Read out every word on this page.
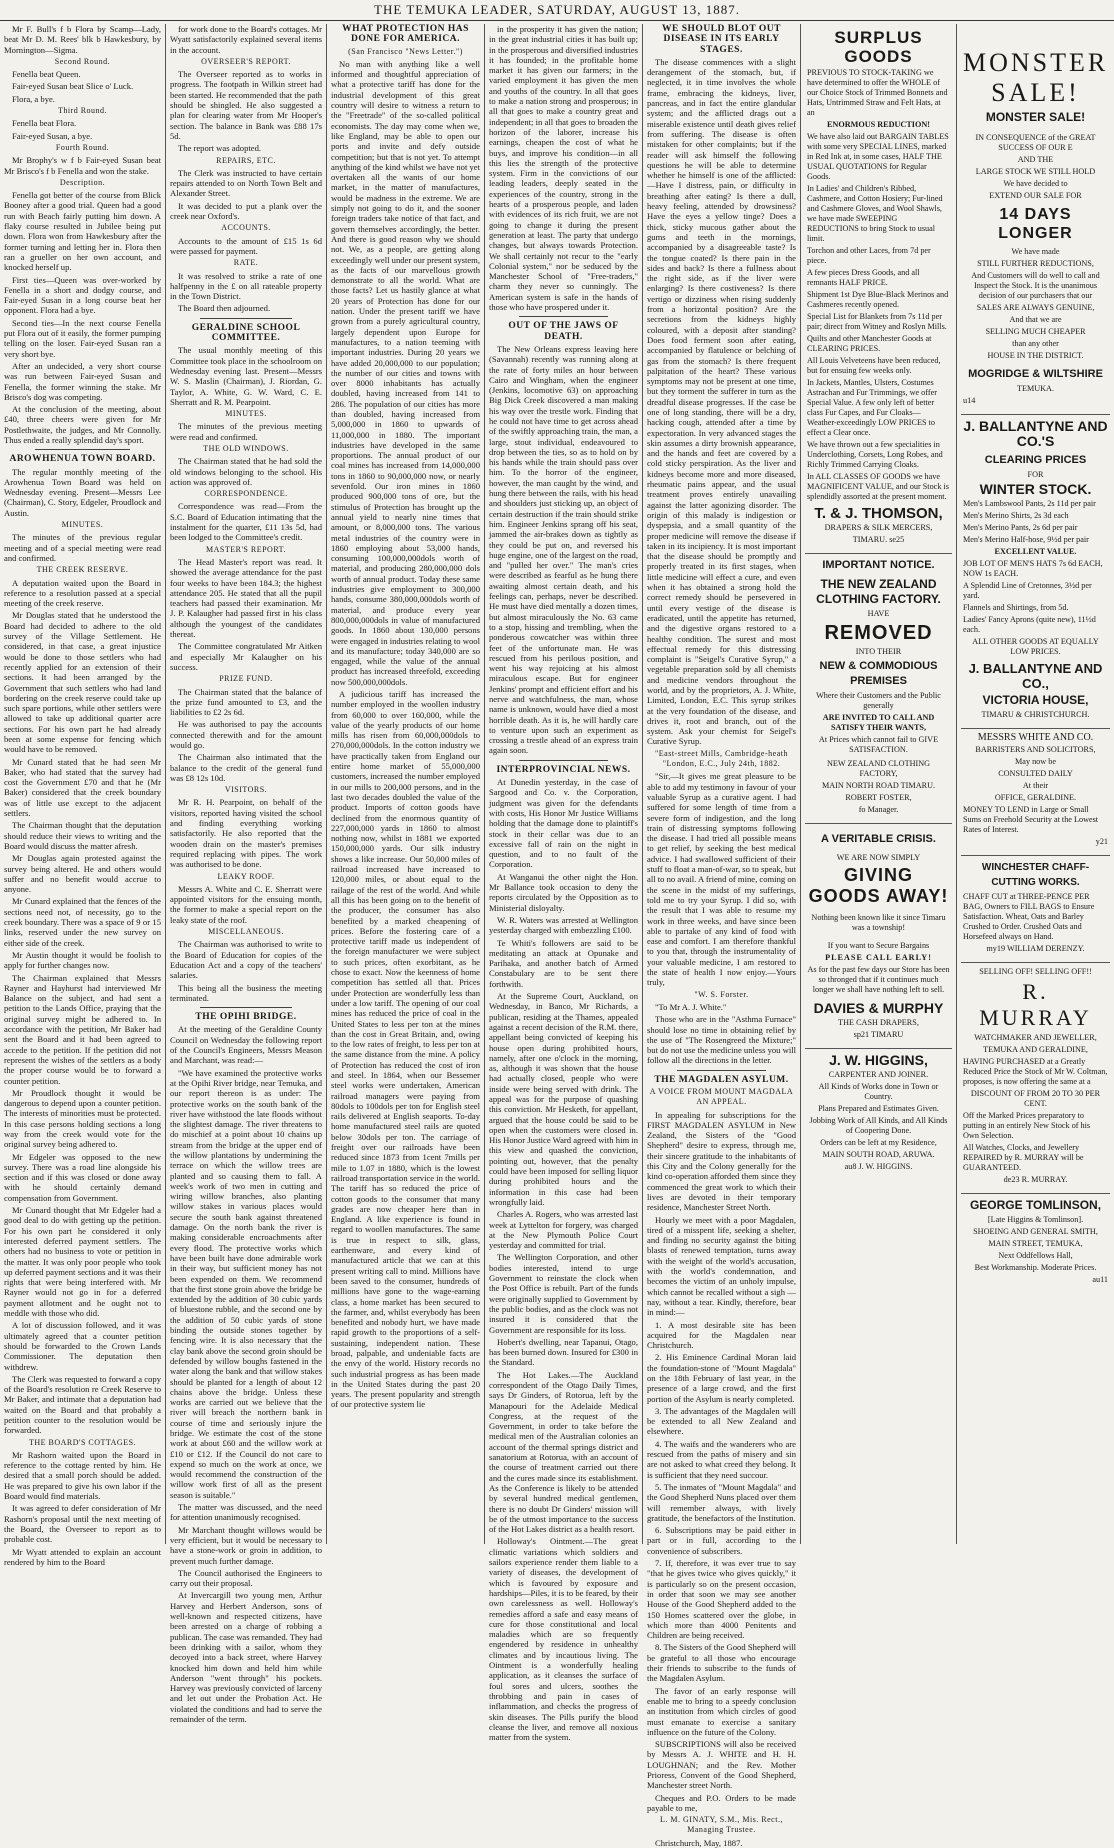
THE TEMUKA LEADER, SATURDAY, AUGUST 13, 1887.

Mr F. Bull's f b Flora by Scamp—Lady, beat Mr D. M. Rees' blk b Hawkesbury, by Mornington—Sigma.

Second Round.

Fenella beat Queen.

Fair-eyed Susan beat Slice o' Luck.

Flora, a bye.

Third Round.

Fenella beat Flora.

Fair-eyed Susan, a bye.

Fourth Round.

Mr Brophy's w f b Fair-eyed Susan beat Mr Brisco's f b Fenella and won the stake.

Description.

Fenella got better of the course from Blick Booney after a good trial. Queen had a good run with Beach fairly putting him down. A flaky course resulted in Jubilee being put down. Flora won from Hawkesbury after the former turning and letting her in. Flora then ran a grueller on her own account, and knocked herself up.

First ties—Queen was over-worked by Fenella in a short and dodgy course, and Fair-eyed Susan in a long course beat her opponent. Flora had a bye.

Second ties—In the next course Fenella put Flora out of it easily, the former pumping telling on the loser. Fair-eyed Susan ran a very short bye.

After an undecided, a very short course was run between Fair-eyed Susan and Fenella, the former winning the stake. Mr Brisco's dog was competing.

At the conclusion of the meeting, about £40, three cheers were given for Mr Postlethwaite, the judges, and Mr Connolly. Thus ended a really splendid day's sport.

AROWHENUA TOWN BOARD.

The regular monthly meeting of the Arowhenua Town Board was held on Wednesday evening. Present—Messrs Lee (Chairman), C. Story, Edgeler, Proudlock and Austin.

MINUTES.

The minutes of the previous regular meeting and of a special meeting were read and confirmed.

THE CREEK RESERVE.

A deputation waited upon the Board in reference to a resolution passed at a special meeting of the creek reserve.

Mr Douglas stated that he understood the Board had decided to adhere to the old survey of the Village Settlement. He considered, in that case, a great injustice would be done to those settlers who had recently applied for an extension of their sections. It had been arranged by the Government that such settlers who had land bordering on the creek reserve could take up such spare portions, while other settlers were allowed to take up additional quarter acre sections. For his own part he had already been at some expense for fencing which would have to be removed.

Mr Cunard stated that he had seen Mr Baker, who had stated that the survey had cost the Government £70 and that he (Mr Baker) considered that the creek boundary was of little use except to the adjacent settlers.

The Chairman thought that the deputation should reduce their views to writing and the Board would discuss the matter afresh.

Mr Douglas again protested against the survey being altered. He and others would suffer and no benefit would accrue to anyone.

Mr Cunard explained that the fences of the sections need not, of necessity, go to the creek boundary. There was a space of 9 or 15 links, reserved under the new survey on either side of the creek.

Mr Austin thought it would be foolish to apply for further changes now.

The Chairman explained that Messrs Rayner and Hayhurst had interviewed Mr Balance on the subject, and had sent a petition to the Lands Office, praying that the original survey might be adhered to. In accordance with the petition, Mr Baker had sent the Board and it had been agreed to accede to the petition. If the petition did not represent the wishes of the settlers as a body the proper course would be to forward a counter petition.

Mr Proudlock thought it would be dangerous to depend upon a counter petition. The interests of minorities must be protected. In this case persons holding sections a long way from the creek would vote for the original survey being adhered to.

Mr Edgeler was opposed to the new survey. There was a road line alongside his section and if this was closed or done away with he should certainly demand compensation from Government.

Mr Cunard thought that Mr Edgeler had a good deal to do with getting up the petition. For his own part he considered it only interested deferred payment settlers. The others had no business to vote or petition in the matter. It was only poor people who took up deferred payment sections and it was their rights that were being interfered with. Mr Rayner would not go in for a deferred payment allotment and he ought not to meddle with those who did.

A lot of discussion followed, and it was ultimately agreed that a counter petition should be forwarded to the Crown Lands Commissioner. The deputation then withdrew.

The Clerk was requested to forward a copy of the Board's resolution re Creek Reserve to Mr Baker, and intimate that a deputation had waited on the Board and that probably a petition counter to the resolution would be forwarded.

THE BOARD'S COTTAGES.

Mr Rashorn waited upon the Board in reference to the cottage rented by him. He desired that a small porch should be added. He was prepared to give his own labor if the Board would find materials.

It was agreed to defer consideration of Mr Rashorn's proposal until the next meeting of the Board, the Overseer to report as to probable cost.

Mr Wyatt attended to explain an account rendered by him to the Board

for work done to the Board's cottages. Mr Wyatt satisfactorily explained several items in the account.

OVERSEER'S REPORT.

The Overseer reported as to works in progress. The footpath in Wilkin street had been started. He recommended that the path should be shingled. He also suggested a plan for clearing water from Mr Hooper's section. The balance in Bank was £88 17s 5d.

The report was adopted.

REPAIRS, ETC.

The Clerk was instructed to have certain repairs attended to on North Town Belt and Alexander Street.

It was decided to put a plank over the creek near Oxford's.

ACCOUNTS.

Accounts to the amount of £15 1s 6d were passed for payment.

RATE.

It was resolved to strike a rate of one halfpenny in the £ on all rateable property in the Town District.

The Board then adjourned.

GERALDINE SCHOOL COMMITTEE.

The usual monthly meeting of this Committee took place in the schoolroom on Wednesday evening last. Present—Messrs W. S. Maslin (Chairman), J. Riordan, G. Taylor, A. White, G. W. Ward, C. E. Sherratt and R. M. Pearpoint.

MINUTES.

The minutes of the previous meeting were read and confirmed.

THE OLD WINDOWS.

The Chairman stated that he had sold the old windows belonging to the school. His action was approved of.

CORRESPONDENCE.

Correspondence was read—From the S.C. Board of Education intimating that the instalment for the quarter, £11 13s 5d, had been lodged to the Committee's credit.

MASTER'S REPORT.

The Head Master's report was read. It showed the average attendance for the past four weeks to have been 184.3; the highest attendance 205. He stated that all the pupil teachers had passed their examination. Mr J. P. Kalaugher had passed first in his class although the youngest of the candidates thereat.

The Committee congratulated Mr Aitken and especially Mr Kalaugher on his success.

PRIZE FUND.

The Chairman stated that the balance of the prize fund amounted to £3, and the liabilities to £2 2s 6d.

He was authorised to pay the accounts connected therewith and for the amount would go.

The Chairman also intimated that the balance to the credit of the general fund was £8 12s 10d.

VISITORS.

Mr R. H. Pearpoint, on behalf of the visitors, reported having visited the school and finding everything working satisfactorily. He also reported that the wooden drain on the master's premises required replacing with pipes. The work was authorised to be done.

LEAKY ROOF.

Messrs A. White and C. E. Sherratt were appointed visitors for the ensuing month, the former to make a special report on the leaky state of the roof.

MISCELLANEOUS.

The Chairman was authorised to write to the Board of Education for copies of the Education Act and a copy of the teachers' salaries.

This being all the business the meeting terminated.

THE OPIHI BRIDGE.

At the meeting of the Geraldine County Council on Wednesday the following report of the Council's Engineers, Messrs Meason and Marchant, was read:—

"We have examined the protective works at the Opihi River bridge, near Temuka, and our report thereon is as under: The protective works on the south bank of the river have withstood the late floods without the slightest damage. The river threatens to do mischief at a point about 10 chains up stream from the bridge at the upper end of the willow plantations by undermining the terrace on which the willow trees are planted and so causing them to fall. A week's work of two men in cutting and wiring willow branches, also planting willow stakes in various places would secure the south bank against threatened damage. On the north bank the river is making considerable encroachments after every flood. The protective works which have been built have done admirable work in their way, but sufficient money has not been expended on them. We recommend that the first stone groin above the bridge be extended by the addition of 30 cubic yards of bluestone rubble, and the second one by the addition of 50 cubic yards of stone binding the outside stones together by fencing wire. It is also necessary that the clay bank above the second groin should be defended by willow boughs fastened in the water along the bank and that willow stakes should be planted for a length of about 12 chains above the bridge. Unless these works are carried out we believe that the river will breach the northern bank in course of time and seriously injure the bridge. We estimate the cost of the stone work at about £60 and the willow work at £10 or £12. If the Council do not care to expend so much on the work at once, we would recommend the construction of the willow work first of all as the present season is suitable."

The matter was discussed, and the need for attention unanimously recognised.

Mr Marchant thought willows would be very efficient, but it would be necessary to have a stone-work or groin in addition, to prevent much further damage.

The Council authorised the Engineers to carry out their proposal.

At Invercargill two young men, Arthur Harvey and Herbert Anderson, sons of well-known and respected citizens, have been arrested on a charge of robbing a publican. The case was remanded. They had been drinking with a sailor, whom they decoyed into a back street, where Harvey knocked him down and held him while Anderson "went through" his pockets. Harvey was previously convicted of larceny and let out under the Probation Act. He violated the conditions and had to serve the remainder of the term.

WHAT PROTECTION HAS DONE FOR AMERICA.

(San Francisco "News Letter.")

No man with anything like a well informed and thoughtful appreciation of what a protective tariff has done for the industrial development of this great country will desire to witness a return to the "Freetrade" of the so-called political economists. The day may come when we, like England, may be able to open our ports and invite and defy outside competition; but that is not yet. To attempt anything of the kind whilst we have not yet overtaken all the wants of our home market, in the matter of manufactures, would be madness in the extreme. We are simply not going to do it, and the sooner foreign traders take notice of that fact, and govern themselves accordingly, the better. And there is good reason why we should not. We, as a people, are getting along exceedingly well under our present system, as the facts of our marvellous growth demonstrate to all the world. What are those facts? Let us hastily glance at what 20 years of Protection has done for our nation. Under the present tariff we have grown from a purely agricultural country, largely dependent upon Europe for manufactures, to a nation teeming with important industries. During 20 years we have added 20,000,000 to our population; the number of our cities and towns with over 8000 inhabitants has actually doubled, having increased from 141 to 286. The population of our cities has more than doubled, having increased from 5,000,000 in 1860 to upwards of 11,000,000 in 1880. The important industries have developed in the same proportions. The annual product of our coal mines has increased from 14,000,000 tons in 1860 to 90,000,000 now, or nearly sevenfold. Our iron mines in 1860 produced 900,000 tons of ore, but the stimulus of Protection has brought up the annual yield to nearly nine times that amount, or 8,000,000 tons. The various metal industries of the country were in 1860 employing about 53,000 hands, consuming 100,000,000dols worth of material, and producing 280,000,000 dols worth of annual product. Today these same industries give employment to 300,000 hands, consume 380,000,000dols worth of material, and produce every year 800,000,000dols in value of manufactured goods. In 1860 about 130,000 persons were engaged in industries relating to wool and its manufacture; today 340,000 are so engaged, while the value of the annual product has increased threefold, exceeding now 500,000,000dols.

A judicious tariff has increased the number employed in the woollen industry from 60,000 to over 160,000, while the value of the yearly products of our home mills has risen from 60,000,000dols to 270,000,000dols. In the cotton industry we have practically taken from England our entire home market of 55,000,000 customers, increased the number employed in our mills to 200,000 persons, and in the last two decades doubled the value of the product. Imports of cotton goods have declined from the enormous quantity of 227,000,000 yards in 1860 to almost nothing now, whilst in 1881 we exported 150,000,000 yards. Our silk industry shows a like increase. Our 50,000 miles of railroad increased have increased to 120,000 miles, or about equal to the railage of the rest of the world. And while all this has been going on to the benefit of the producer, the consumer has also benefited by a marked cheapening of prices. Before the fostering care of a protective tariff made us independent of the foreign manufacturer we were subject to such prices, often exorbitant, as he chose to exact. Now the keenness of home competition has settled all that. Prices under Protection are wonderfully less than under a low tariff. The opening of our coal mines has reduced the price of coal in the United States to less per ton at the mines than the cost in Great Britain, and, owing to the low rates of freight, to less per ton at the same distance from the mine. A policy of Protection has reduced the cost of iron and steel. In 1864, when our Bessemer steel works were undertaken, American railroad managers were paying from 80dols to 100dols per ton for English steel rails delivered at English seaports. To-day home manufactured steel rails are quoted below 30dols per ton. The carriage of freight over our railroads have been reduced since 1873 from 1cent 7mills per mile to 1.07 in 1880, which is the lowest railroad transportation service in the world. The tariff has so reduced the price of cotton goods to the consumer that many grades are now cheaper here than in England. A like experience is found in regard to woollen manufactures. The same is true in respect to silk, glass, earthenware, and every kind of manufactured article that we can at this present writing call to mind. Millions have been saved to the consumer, hundreds of millions have gone to the wage-earning class, a home market has been secured to the farmer, and, whilst everybody has been benefited and nobody hurt, we have made rapid growth to the proportions of a self-sustaining, independent nation. These broad, palpable, and undeniable facts are the envy of the world. History records no such industrial progress as has been made in the United States during the past 20 years. The present popularity and strength of our protective system lie

in the prosperity it has given the nation; in the great industrial cities it has built up; in the prosperous and diversified industries it has founded; in the profitable home market it has given our farmers; in the varied employment it has given the men and youths of the country. In all that goes to make a nation strong and prosperous; in all that goes to make a country great and independent; in all that goes to broaden the horizon of the laborer, increase his earnings, cheapen the cost of what he buys, and improve his condition—in all this lies the strength of the protective system. Firm in the convictions of our leading leaders, deeply seated in the experiences of the country, strong in the hearts of a prosperous people, and laden with evidences of its rich fruit, we are not going to change it during the present generation at least. The party that undergo changes, but always towards Protection. We shall certainly not recur to the "early Colonial system," nor be seduced by the Manchester School of "Free-traders," charm they never so cunningly. The American system is safe in the hands of those who have prospered under it.

OUT OF THE JAWS OF DEATH.

The New Orleans express leaving here (Savannah) recently was running along at the rate of forty miles an hour between Cairo and Wingham, when the engineer (Jenkins, locomotive 63) on approaching Big Dick Creek discovered a man making his way over the trestle work. Finding that he could not have time to get across ahead of the swiftly approaching train, the man, a large, stout individual, endeavoured to drop between the ties, so as to hold on by his hands while the train should pass over him. To the horror of the engineer, however, the man caught by the wind, and hung there between the rails, with his head and shoulders just sticking up, an object of certain destruction if the train should strike him. Engineer Jenkins sprang off his seat, jammed the air-brakes down as tightly as they could be put on, and reversed his huge engine, one of the largest on the road, and "pulled her over." The man's cries were described as fearful as he hung there awaiting almost certain death, and his feelings can, perhaps, never be described. He must have died mentally a dozen times, but almost miraculously the No. 63 came to a stop, hissing and trembling, when the ponderous cowcatcher was within three feet of the unfortunate man. He was rescued from his perilous position, and went his way rejoicing at his almost miraculous escape. But for engineer Jenkins' prompt and efficient effort and his nerve and watchfulness, the man, whose name is unknown, would have died a most horrible death. As it is, he will hardly care to venture upon such an experiment as crossing a trestle ahead of an express train again soon.

INTERPROVINCIAL NEWS.

At Dunedin yesterday, in the case of Sargood and Co. v. the Corporation, judgment was given for the defendants with costs, His Honor Mr Justice Williams holding that the damage done to plaintiff's stock in their cellar was due to an excessive fall of rain on the night in question, and to no fault of the Corporation.

At Wanganui the other night the Hon. Mr Ballance took occasion to deny the reports circulated by the Opposition as to Ministerial disloyalty.

W. R. Waters was arrested at Wellington yesterday charged with embezzling £100.

Te Whiti's followers are said to be meditating an attack at Opunake and Parihaka, and another batch of Armed Constabulary are to be sent there forthwith.

At the Supreme Court, Auckland, on Wednesday, in Banco, Mr Richards, a publican, residing at the Thames, appealed against a recent decision of the R.M. there, appellant being convicted of keeping his house open during prohibited hours, namely, after one o'clock in the morning, as, although it was shown that the house had actually closed, people who were inside were being served with drink. The appeal was for the purpose of quashing this conviction. Mr Hesketh, for appellant, argued that the house could be said to be open when the customers were closed in. His Honor Justice Ward agreed with him in this view and quashed the conviction, pointing out, however, that the penalty could have been imposed for selling liquor during prohibited hours and the information in this case had been wrongfully laid.

Charles A. Rogers, who was arrested last week at Lyttelton for forgery, was charged at the New Plymouth Police Court yesterday and committed for trial.

The Wellington Corporation, and other bodies interested, intend to urge Government to reinstate the clock when the Post Office is rebuilt. Part of the funds were originally supplied to Government by the public bodies, and as the clock was not insured it is considered that the Government are responsible for its loss.

Hobert's dwelling, near Tapanui, Otago, has been burned down. Insured for £300 in the Standard.

The Hot Lakes.—The Auckland correspondent of the Otago Daily Times, says Dr Ginders, of Rotorua, left by the Manapouri for the Adelaide Medical Congress, at the request of the Government, in order to take before the medical men of the Australian colonies an account of the thermal springs district and sanatorium at Rotorua, with an account of the course of treatment carried out there and the cures made since its establishment. As the Conference is likely to be attended by several hundred medical gentlemen, there is no doubt Dr Ginders' mission will be of the utmost importance to the success of the Hot Lakes district as a health resort.

Holloway's Ointment.—The great climatic variations which soldiers and sailors experience render them liable to a variety of diseases, the development of which is favoured by exposure and hardships—Piles, it is to be feared, by their own carelessness as well. Holloway's remedies afford a safe and easy means of cure for those constitutional and local maladies which are so frequently engendered by residence in unhealthy climates and by incautious living. The Ointment is a wonderfully healing application, as it cleanses the surface of foul sores and ulcers, soothes the throbbing and pain in cases of inflammation, and checks the progress of skin diseases. The Pills purify the blood cleanse the liver, and remove all noxious matter from the system.

WE SHOULD BLOT OUT DISEASE IN ITS EARLY STAGES.

The disease commences with a slight derangement of the stomach, but, if neglected, it in time involves the whole frame, embracing the kidneys, liver, pancreas, and in fact the entire glandular system; and the afflicted drags out a miserable existence until death gives relief from suffering. The disease is often mistaken for other complaints; but if the reader will ask himself the following questions he will be able to determine whether he himself is one of the afflicted:—Have I distress, pain, or difficulty in breathing after eating? Is there a dull, heavy feeling, attended by drowsiness? Have the eyes a yellow tinge? Does a thick, sticky mucous gather about the gums and teeth in the mornings, accompanied by a disagreeable taste? Is the tongue coated? Is there pain in the sides and back? Is there a fullness about the right side, as if the liver were enlarging? Is there costiveness? Is there vertigo or dizziness when rising suddenly from a horizontal position? Are the secretions from the kidneys highly coloured, with a deposit after standing? Does food ferment soon after eating, accompanied by flatulence or belching of gas from the stomach? Is there frequent palpitation of the heart? These various symptoms may not be present at one time, but they torment the sufferer in turn as the dreadful disease progresses. If the case be one of long standing, there will be a dry, hacking cough, attended after a time by expectoration. In very advanced stages the skin assumes a dirty brownish appearance, and the hands and feet are covered by a cold sticky perspiration. As the liver and kidneys become more and more diseased, rheumatic pains appear, and the usual treatment proves entirely unavailing against the latter agonizing disorder. The origin of this malady is indigestion or dyspepsia, and a small quantity of the proper medicine will remove the disease if taken in its incipiency. It is most important that the disease should be promptly and properly treated in its first stages, when little medicine will effect a cure, and even when it has obtained a strong hold the correct remedy should be persevered in until every vestige of the disease is eradicated, until the appetite has returned, and the digestive organs restored to a healthy condition. The surest and most effectual remedy for this distressing complaint is "Seigel's Curative Syrup," a vegetable preparation sold by all chemists and medicine vendors throughout the world, and by the proprietors, A. J. White, Limited, London, E.C. This syrup strikes at the very foundation of the disease, and drives it, root and branch, out of the system. Ask your chemist for Seigel's Curative Syrup.

"East-street Mills, Cambridge-heath "London, E.C., July 24th, 1882.

"Sir,—It gives me great pleasure to be able to add my testimony in favour of your valuable Syrup as a curative agent. I had suffered for some length of time from a severe form of indigestion, and the long train of distressing symptoms following the disease. I had tried all possible means to get relief, by seeking the best medical advice. I had swallowed sufficient of their stuff to float a man-of-war, so to speak, but all to no avail. A friend of mine, coming on the scene in the midst of my sufferings, told me to try your Syrup. I did so, with the result that I was able to resume my work in three weeks, and have since been able to partake of any kind of food with ease and comfort. I am therefore thankful to you that, through the instrumentality of your valuable medicine, I am restored to the state of health I now enjoy.—Yours truly,

"W. S. Forster.

"To Mr A. J. White."

Those who are in the "Asthma Furnace" should lose no time in obtaining relief by the use of "The Rosengreed the Mixture;" but do not use the medicine unless you will follow all the directions in the letter.

THE MAGDALEN ASYLUM.

A VOICE FROM MOUNT MAGDALA AN APPEAL.

In appealing for subscriptions for the FIRST MAGDALEN ASYLUM in New Zealand, the Sisters of the "Good Shepherd" desire to express, through me, their sincere gratitude to the inhabitants of this City and the Colony generally for the kind co-operation afforded them since they commenced the great work to which their lives are devoted in their temporary residence, Manchester Street North.

Hourly we meet with a poor Magdalen, tired of a misspent life, seeking a shelter, and finding no security against the biting blasts of renewed temptation, turns away with the weight of the world's accusation, with the world's condemnation, and becomes the victim of an unholy impulse, which cannot be recalled without a sigh — nay, without a tear. Kindly, therefore, bear in mind:—

1. A most desirable site has been acquired for the Magdalen near Christchurch.

2. His Eminence Cardinal Moran laid the foundation-stone of "Mount Magdala" on the 18th February of last year, in the presence of a large crowd, and the first portion of the Asylum is nearly completed.

3. The advantages of the Magdalen will be extended to all New Zealand and elsewhere.

4. The waifs and the wanderers who are rescued from the paths of misery and sin are not asked to what creed they belong. It is sufficient that they need succour.

5. The inmates of "Mount Magdala" and the Good Shepherd Nuns placed over them will remember always, with lively gratitude, the benefactors of the Institution.

6. Subscriptions may be paid either in part or in full, according to the convenience of subscribers.

7. If, therefore, it was ever true to say "that he gives twice who gives quickly," it is particularly so on the present occasion, in order that soon we may see another House of the Good Shepherd added to the 150 Homes scattered over the globe, in which more than 4000 Penitents and Children are being received.

8. The Sisters of the Good Shepherd will be grateful to all those who encourage their friends to subscribe to the funds of the Magdalen Asylum.

The favor of an early response will enable me to bring to a speedy conclusion an institution from which circles of good must emanate to exercise a sanitary influence on the future of the Colony.

SUBSCRIPTIONS will also be received by Messrs A. J. WHITE and H. H. LOUGHNAN; and the Rev. Mother Prioress, Convent of the Good Shepherd, Manchester street North.

Cheques and P.O. Orders to be made payable to me,

L. M. GINATY, S.M., Mis. Rect., Managing Trustee.

Christchurch, May, 1887.

SURPLUS GOODS

PREVIOUS TO STOCK-TAKING we have determined to offer the WHOLE of our Choice Stock of Trimmed Bonnets and Hats, Untrimmed Straw and Felt Hats, at an

ENORMOUS REDUCTION!

We have also laid out BARGAIN TABLES with some very SPECIAL LINES, marked in Red Ink at, in some cases, HALF THE USUAL QUOTATIONS for Regular Goods.

In Ladies' and Children's Ribbed, Cashmere, and Cotton Hosiery; Fur-lined and Cashmere Gloves, and Wool Shawls, we have made SWEEPING REDUCTIONS to bring Stock to usual limit.

Torchon and other Laces, from 7d per piece.

A few pieces Dress Goods, and all remnants HALF PRICE.

Shipment 1st Dye Blue-Black Merinos and Cashmeres recently opened.

Special List for Blankets from 7s 11d per pair; direct from Witney and Roslyn Mills.

Quilts and other Manchester Goods at CLEARING PRICES.

All Louis Velveteens have been reduced, but for ensuing few weeks only.

In Jackets, Mantles, Ulsters, Costumes Astrachan and Fur Trimmings, we offer Special Value. A few only left of better class Fur Capes, and Fur Cloaks—Weather-exceedingly LOW PRICES to effect a Clear once.

We have thrown out a few specialities in Underclothing, Corsets, Long Robes, and Richly Trimmed Carrying Cloaks.

In ALL CLASSES OF GOODS we have MAGNIFICENT VALUE, and our Stock is splendidly assorted at the present moment.

T. & J. THOMSON,

DRAPERS & SILK MERCERS,

TIMARU. se25

IMPORTANT NOTICE.

THE NEW ZEALAND CLOTHING FACTORY.

HAVE

REMOVED

INTO THEIR

NEW & COMMODIOUS PREMISES

Where their Customers and the Public generally

ARE INVITED TO CALL AND SATISFY THEIR WANTS,

At Prices which cannot fail to GIVE SATISFACTION.

NEW ZEALAND CLOTHING FACTORY,

MAIN NORTH ROAD TIMARU.

ROBERT FOSTER,

fo Manager.

A VERITABLE CRISIS.

WE ARE NOW SIMPLY

GIVING GOODS AWAY!

Nothing been known like it since Timaru was a township!

If you want to Secure Bargains

PLEASE CALL EARLY!

As for the past few days our Store has been so thronged that if it continues much longer we shall have nothing left to sell.

DAVIES & MURPHY

THE CASH DRAPERS,

sp21 TIMARU

J. W. HIGGINS,

CARPENTER AND JOINER.

All Kinds of Works done in Town or Country.

Plans Prepared and Estimates Given.

Jobbing Work of All Kinds, and All Kinds of Coopering Done.

Orders can be left at my Residence,

MAIN SOUTH ROAD, ARUWA.

au8 J. W. HIGGINS.

MONSTER SALE!

MONSTER SALE!

IN CONSEQUENCE of the GREAT SUCCESS OF OUR E

AND THE

LARGE STOCK WE STILL HOLD

We have decided to

EXTEND OUR SALE FOR

14 DAYS LONGER

We have made

STILL FURTHER REDUCTIONS,

And Customers will do well to call and Inspect the Stock. It is the unanimous decision of our purchasers that our

SALES ARE ALWAYS GENUINE,

And that we are

SELLING MUCH CHEAPER

than any other

HOUSE IN THE DISTRICT.

MOGRIDGE & WILTSHIRE

TEMUKA.

u14

J. BALLANTYNE AND CO.'S

CLEARING PRICES

FOR

WINTER STOCK.

Men's Lambswool Pants, 2s 11d per pair

Men's Merino Shirts, 2s 3d each

Men's Merino Pants, 2s 6d per pair

Men's Merino Half-hose, 9½d per pair

EXCELLENT VALUE.

JOB LOT OF MEN'S HATS 7s 6d EACH, NOW 1s EACH.

A Splendid Line of Cretonnes, 3½d per yard.

Flannels and Shirtings, from 5d.

Ladies' Fancy Aprons (quite new), 11½d each.

ALL OTHER GOODS AT EQUALLY LOW PRICES.

J. BALLANTYNE AND CO.,

VICTORIA HOUSE,

TIMARU & CHRISTCHURCH.

MESSRS WHITE AND CO.

BARRISTERS AND SOLICITORS,

May now be

CONSULTED DAILY

At their

OFFICE, GERALDINE.

MONEY TO LEND in Large or Small Sums on Freehold Security at the Lowest Rates of Interest.

y21

WINCHESTER CHAFF-CUTTING WORKS.

CHAFF CUT at THREE-PENCE PER BAG, Owners to FILL BAGS to Ensure Satisfaction. Wheat, Oats and Barley Crushed to Order. Crushed Oats and Horsefeed always on Hand.

my19 WILLIAM DERENZY.

SELLING OFF! SELLING OFF!!

R. MURRAY

WATCHMAKER AND JEWELLER,

TEMUKA AND GERALDINE,

HAVING PURCHASED at a Greatly Reduced Price the Stock of Mr W. Coltman, proposes, is now offering the same at a

DISCOUNT OF FROM 20 TO 30 PER CENT.

Off the Marked Prices preparatory to putting in an entirely New Stock of his Own Selection.

All Watches, Clocks, and Jewellery REPAIRED by R. MURRAY will be GUARANTEED.

de23 R. MURRAY.

GEORGE TOMLINSON,

[Late Higgins & Tomlinson].

SHOEING AND GENERAL SMITH,

MAIN STREET, TEMUKA,

Next Oddfellows Hall,

Best Workmanship. Moderate Prices.

au11
